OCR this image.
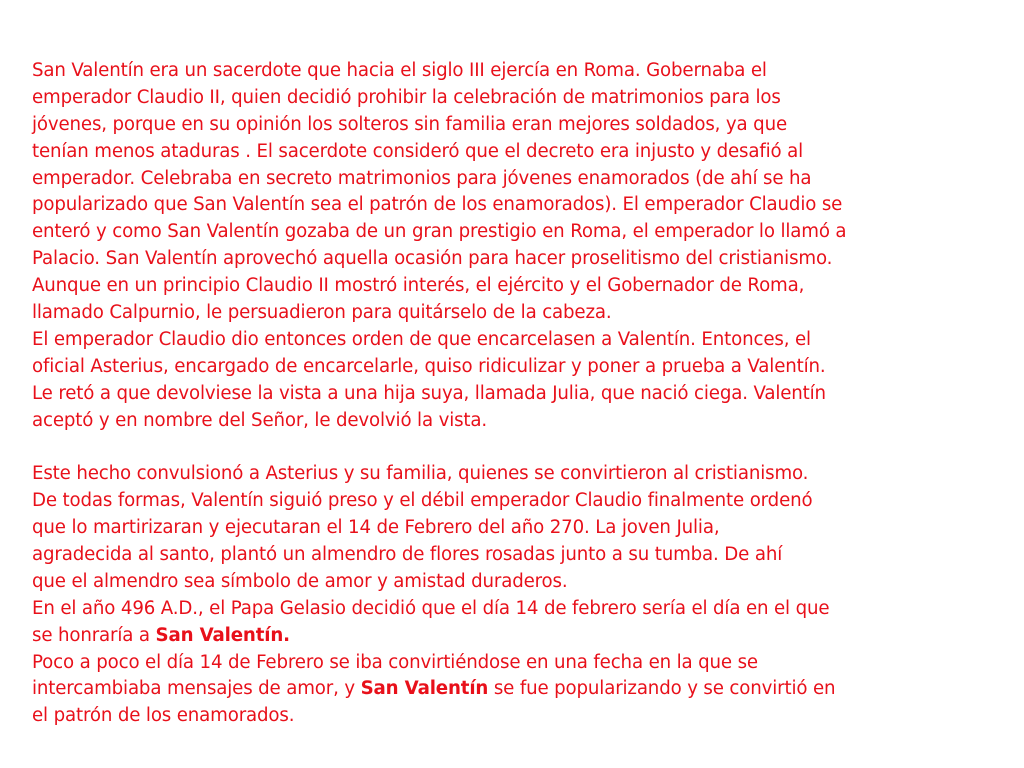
San Valentín era un sacerdote que hacia el siglo III ejercía en Roma. Gobernaba el
emperador Claudio II, quien decidió prohibir la celebración de matrimonios para los
jóvenes, porque en su opinión los solteros sin familia eran mejores soldados, ya que
tenían menos ataduras . El sacerdote consideró que el decreto era injusto y desafió al
emperador. Celebraba en secreto matrimonios para jóvenes enamorados (de ahí se ha
popularizado que San Valentín sea el patrón de los enamorados). El emperador Claudio se
enteró y como San Valentín gozaba de un gran prestigio en Roma, el emperador lo llamó a
Palacio. San Valentín aprovechó aquella ocasión para hacer proselitismo del cristianismo.
Aunque en un principio Claudio II mostró interés, el ejército y el Gobernador de Roma,
llamado Calpurnio, le persuadieron para quitárselo de la cabeza.
El emperador Claudio dio entonces orden de que encarcelasen a Valentín. Entonces, el
oficial Asterius, encargado de encarcelarle, quiso ridiculizar y poner a prueba a Valentín.
Le retó a que devolviese la vista a una hija suya, llamada Julia, que nació ciega. Valentín
aceptó y en nombre del Señor, le devolvió la vista.
Este hecho convulsionó a Asterius y su familia, quienes se convirtieron al cristianismo.
De todas formas, Valentín siguió preso y el débil emperador Claudio finalmente ordenó
que lo martirizaran y ejecutaran el 14 de Febrero del año 270. La joven Julia,
agradecida al santo, plantó un almendro de flores rosadas junto a su tumba. De ahí
que el almendro sea símbolo de amor y amistad duraderos.
En el año 496 A.D., el Papa Gelasio decidió que el día 14 de febrero sería el día en el que
se honraría a San Valentín.
Poco a poco el día 14 de Febrero se iba convirtiéndose en una fecha en la que se
intercambiaba mensajes de amor, y San Valentín se fue popularizando y se convirtió en
el patrón de los enamorados.
